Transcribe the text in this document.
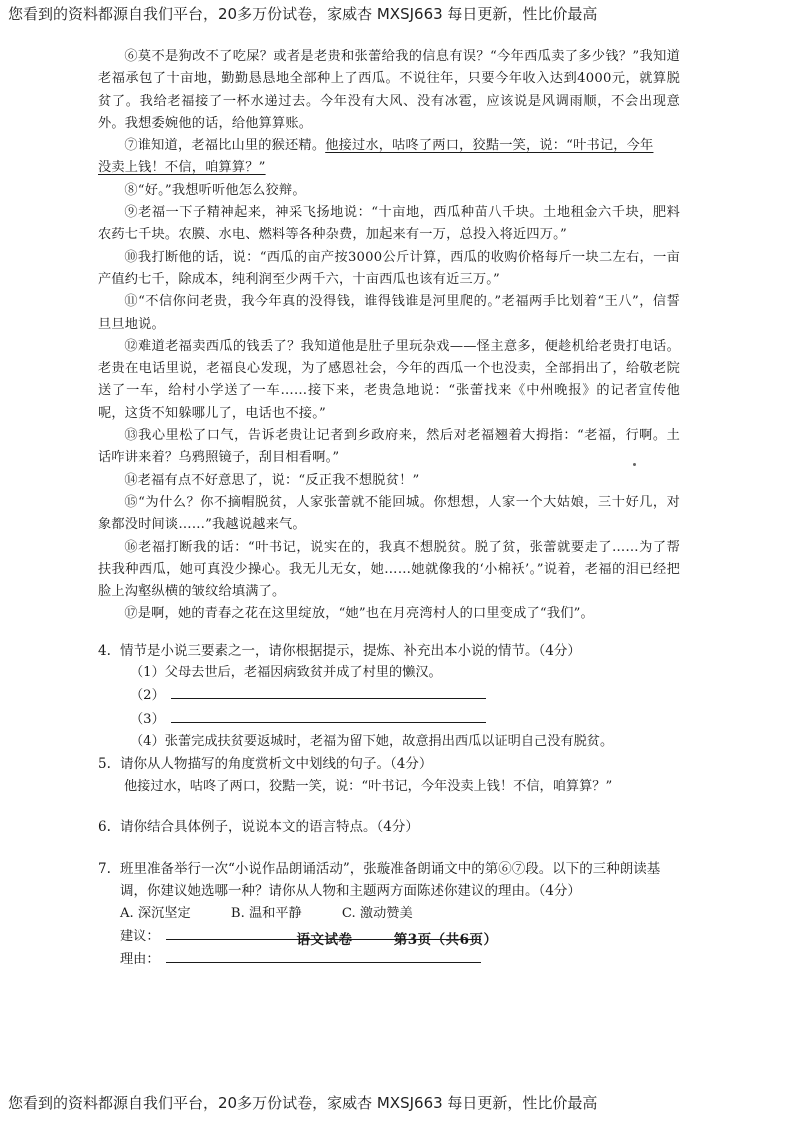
您看到的资料都源自我们平台，20多万份试卷，家威杏 MXSJ663 每日更新，性比价最高

⑥莫不是狗改不了吃屎？或者是老贵和张蕾给我的信息有误？“今年西瓜卖了多少钱？”我知道老福承包了十亩地，勤勤恳恳地全部种上了西瓜。不说往年，只要今年收入达到4000元，就算脱贫了。我给老福接了一杯水递过去。今年没有大风、没有冰雹，应该说是风调雨顺，不会出现意外。我想委婉他的话，给他算算账。

⑦谁知道，老福比山里的猴还精。他接过水，咕咚了两口，狡黠一笑，说：“叶书记，今年
没卖上钱！不信，咱算算？”

⑧“好。”我想听听他怎么狡辩。

⑨老福一下子精神起来，神采飞扬地说：“十亩地，西瓜种苗八千块。土地租金六千块，肥料农药七千块。农膜、水电、燃料等各种杂费，加起来有一万，总投入将近四万。”

⑩我打断他的话，说：“西瓜的亩产按3000公斤计算，西瓜的收购价格每斤一块二左右，一亩产值约七千，除成本，纯利润至少两千六，十亩西瓜也该有近三万。”

⑪“不信你问老贵，我今年真的没得钱，谁得钱谁是河里爬的。”老福两手比划着“王八”，信誓旦旦地说。

⑫难道老福卖西瓜的钱丢了？我知道他是肚子里玩杂戏——怪主意多，便趁机给老贵打电话。老贵在电话里说，老福良心发现，为了感恩社会，今年的西瓜一个也没卖，全部捐出了，给敬老院送了一车，给村小学送了一车……接下来，老贵急地说：“张蕾找来《中州晚报》的记者宣传他呢，这货不知躲哪儿了，电话也不接。”

⑬我心里松了口气，告诉老贵让记者到乡政府来，然后对老福翘着大拇指：“老福，行啊。土话咋讲来着？乌鸦照镜子，刮目相看啊。”

⑭老福有点不好意思了，说：“反正我不想脱贫！”

⑮“为什么？你不摘帽脱贫，人家张蕾就不能回城。你想想，人家一个大姑娘，三十好几，对象都没时间谈……”我越说越来气。

⑯老福打断我的话：“叶书记，说实在的，我真不想脱贫。脱了贫，张蕾就要走了……为了帮扶我种西瓜，她可真没少操心。我无儿无女，她……她就像我的‘小棉袄’。”说着，老福的泪已经把脸上沟壑纵横的皱纹给填满了。

⑰是啊，她的青春之花在这里绽放，“她”也在月亮湾村人的口里变成了“我们”。

4. 情节是小说三要素之一，请你根据提示，提炼、补充出本小说的情节。（4分）
（1）父母去世后，老福因病致贫并成了村里的懒汉。
（2）
（3）
（4）张蕾完成扶贫要返城时，老福为留下她，故意捐出西瓜以证明自己没有脱贫。
5. 请你从人物描写的角度赏析文中划线的句子。（4分）
他接过水，咕咚了两口，狡黠一笑，说：“叶书记，今年没卖上钱！不信，咱算算？”
6. 请你结合具体例子，说说本文的语言特点。（4分）
7. 班里准备举行一次“小说作品朗诵活动”，张璇准备朗诵文中的第⑥⑦段。以下的三种朗读基调，你建议她选哪一种？请你从人物和主题两方面陈述你建议的理由。（4分）
A. 深沉坚定	B. 温和平静	C. 激动赞美
建议：
理由：
语文试卷	第3页（共6页）
您看到的资料都源自我们平台，20多万份试卷，家威杏 MXSJ663 每日更新，性比价最高
